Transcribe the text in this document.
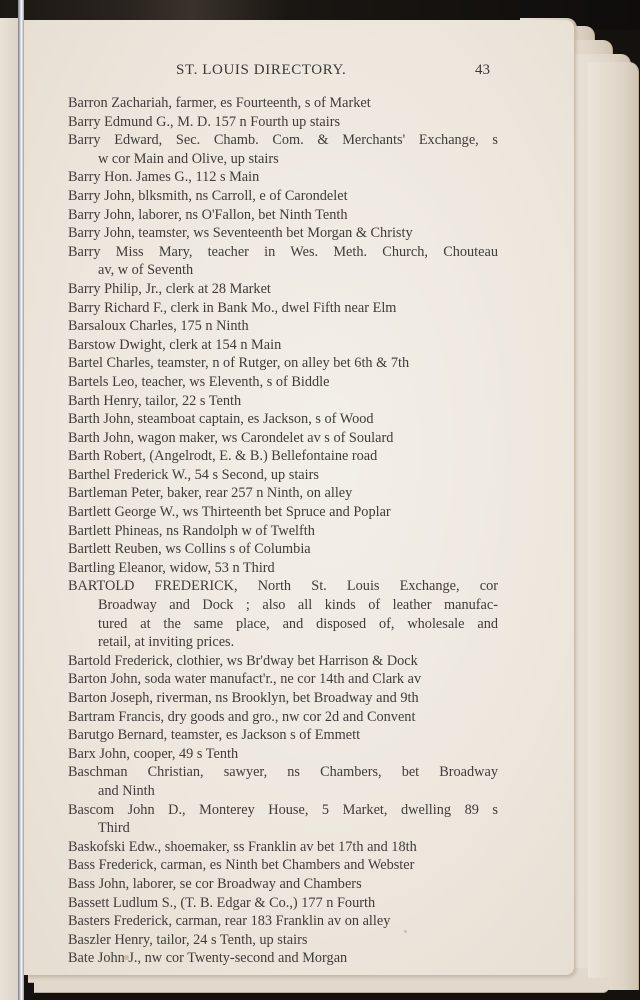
ST. LOUIS DIRECTORY.	43
Barron Zachariah, farmer, es Fourteenth, s of Market
Barry Edmund G., M. D. 157 n Fourth up stairs
Barry Edward, Sec. Chamb. Com. & Merchants' Exchange, s
w cor Main and Olive, up stairs
Barry Hon. James G., 112 s Main
Barry John, blksmith, ns Carroll, e of Carondelet
Barry John, laborer, ns O'Fallon, bet Ninth Tenth
Barry John, teamster, ws Seventeenth bet Morgan & Christy
Barry Miss Mary, teacher in Wes. Meth. Church, Chouteau
av, w of Seventh
Barry Philip, Jr., clerk at 28 Market
Barry Richard F., clerk in Bank Mo., dwel Fifth near Elm
Barsaloux Charles, 175 n Ninth
Barstow Dwight, clerk at 154 n Main
Bartel Charles, teamster, n of Rutger, on alley bet 6th & 7th
Bartels Leo, teacher, ws Eleventh, s of Biddle
Barth Henry, tailor, 22 s Tenth
Barth John, steamboat captain, es Jackson, s of Wood
Barth John, wagon maker, ws Carondelet av s of Soulard
Barth Robert, (Angelrodt, E. & B.) Bellefontaine road
Barthel Frederick W., 54 s Second, up stairs
Bartleman Peter, baker, rear 257 n Ninth, on alley
Bartlett George W., ws Thirteenth bet Spruce and Poplar
Bartlett Phineas, ns Randolph w of Twelfth
Bartlett Reuben, ws Collins s of Columbia
Bartling Eleanor, widow, 53 n Third
BARTOLD FREDERICK, North St. Louis Exchange, cor
Broadway and Dock ; also all kinds of leather manufac-
tured at the same place, and disposed of, wholesale and
retail, at inviting prices.
Bartold Frederick, clothier, ws Br'dway bet Harrison & Dock
Barton John, soda water manufact'r., ne cor 14th and Clark av
Barton Joseph, riverman, ns Brooklyn, bet Broadway and 9th
Bartram Francis, dry goods and gro., nw cor 2d and Convent
Barutgo Bernard, teamster, es Jackson s of Emmett
Barx John, cooper, 49 s Tenth
Baschman Christian, sawyer, ns Chambers, bet Broadway
and Ninth
Bascom John D., Monterey House, 5 Market, dwelling 89 s
Third
Baskofski Edw., shoemaker, ss Franklin av bet 17th and 18th
Bass Frederick, carman, es Ninth bet Chambers and Webster
Bass John, laborer, se cor Broadway and Chambers
Bassett Ludlum S., (T. B. Edgar & Co.,) 177 n Fourth
Basters Frederick, carman, rear 183 Franklin av on alley
Baszler Henry, tailor, 24 s Tenth, up stairs
Bate John J., nw cor Twenty-second and Morgan
